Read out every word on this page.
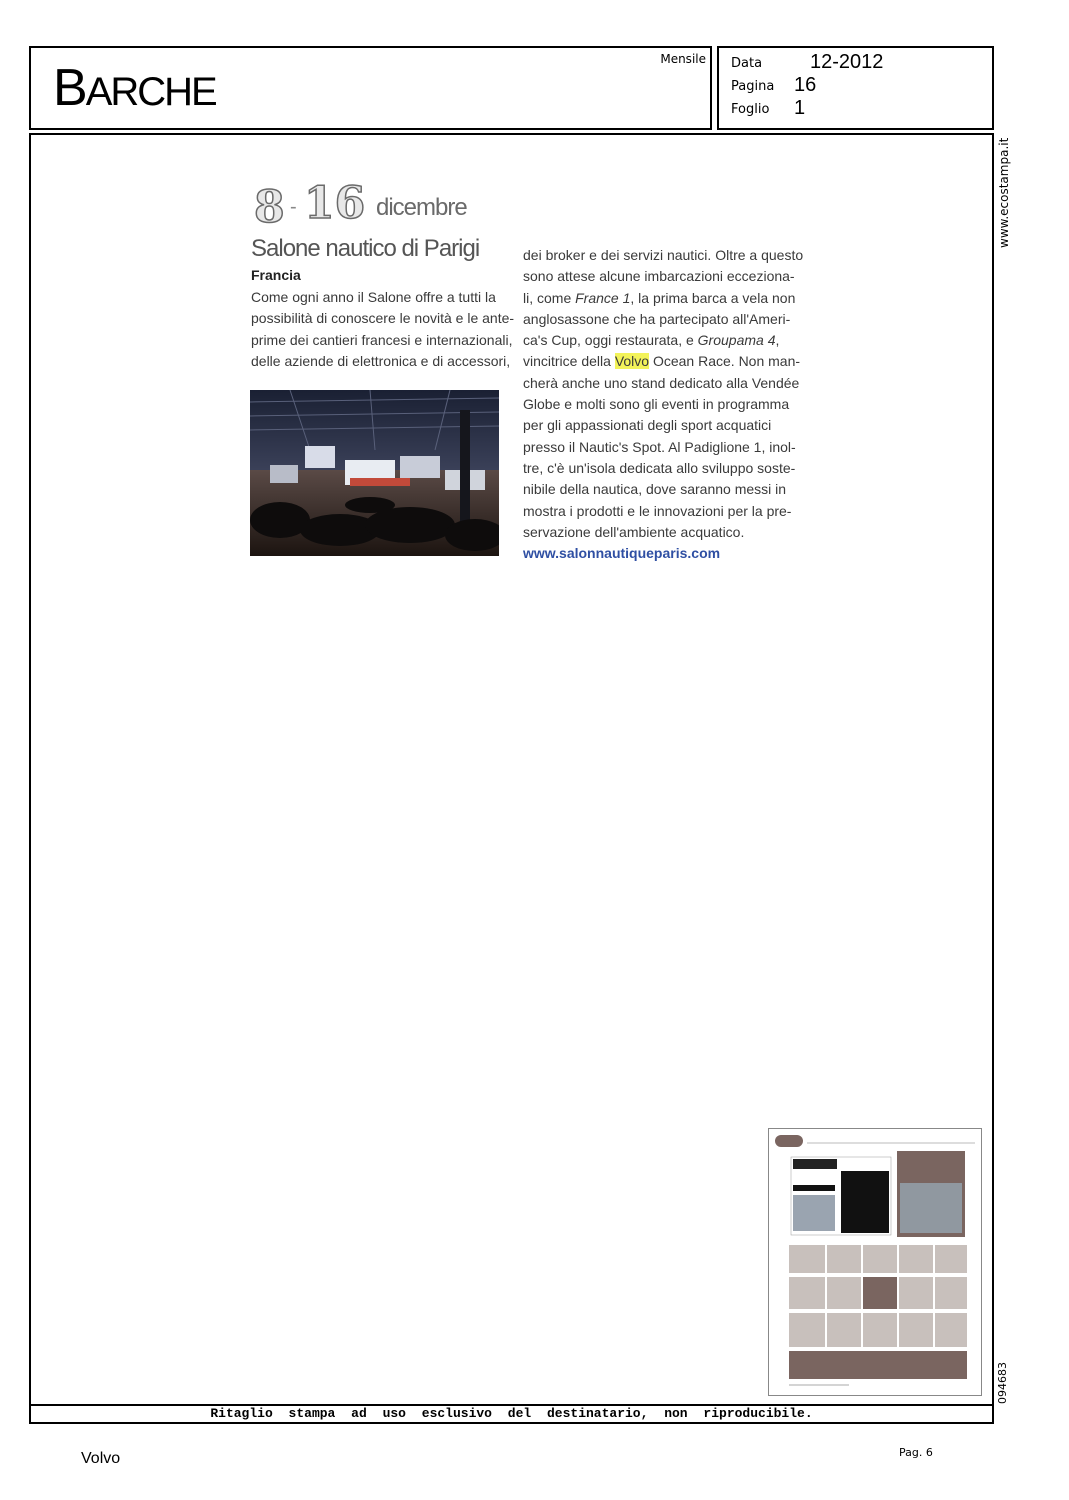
BARCHE
Mensile Data 12-2012
Pagina 16
Foglio 1
www.ecostampa.it
094683
8 - 16 dicembre
Salone nautico di Parigi
Francia
Come ogni anno il Salone offre a tutti la
possibilità di conoscere le novità e le ante-
prime dei cantieri francesi e internazionali,
delle aziende di elettronica e di accessori,
dei broker e dei servizi nautici. Oltre a questo
sono attese alcune imbarcazioni eccezionа-
li, come France 1, la prima barca a vela non
anglosassone che ha partecipato all'Ameri-
ca's Cup, oggi restaurata, e Groupama 4,
vincitrice della Volvo Ocean Race. Non man-
cherà anche uno stand dedicato alla Vendée
Globe e molti sono gli eventi in programma
per gli appassionati degli sport acquatici
presso il Nautic's Spot. Al Padiglione 1, inol-
tre, c'è un'isola dedicata allo sviluppo soste-
nibile della nautica, dove saranno messi in
mostra i prodotti e le innovazioni per la pre-
servazione dell'ambiente acquatico.
www.salonnautiqueparis.com
Ritaglio stampa ad uso esclusivo del destinatario, non riproducibile.
Volvo	Pag. 6
